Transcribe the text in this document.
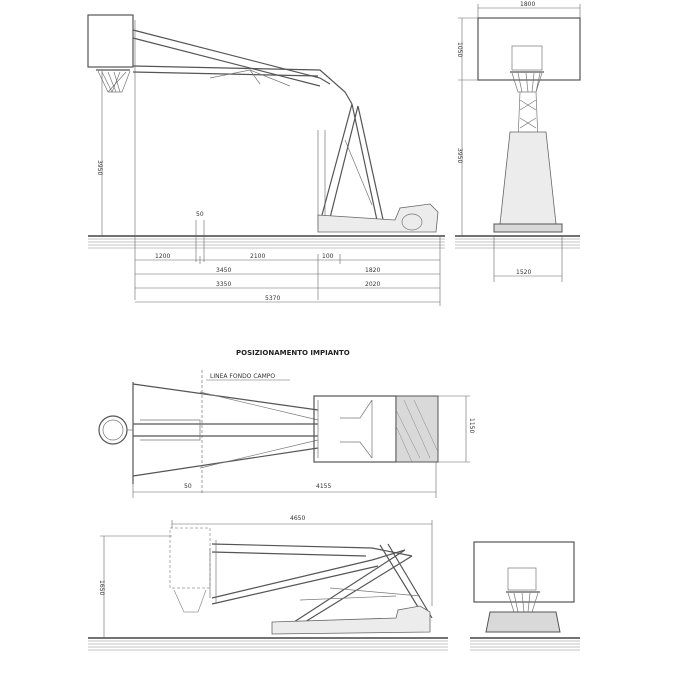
3950
50
1200	2100	100
1820
3450
3350	2020
5370
1800
1050
3950
1520
POSIZIONAMENTO IMPIANTO
LINEA FONDO CAMPO
1150
50	4155
4650
1650
